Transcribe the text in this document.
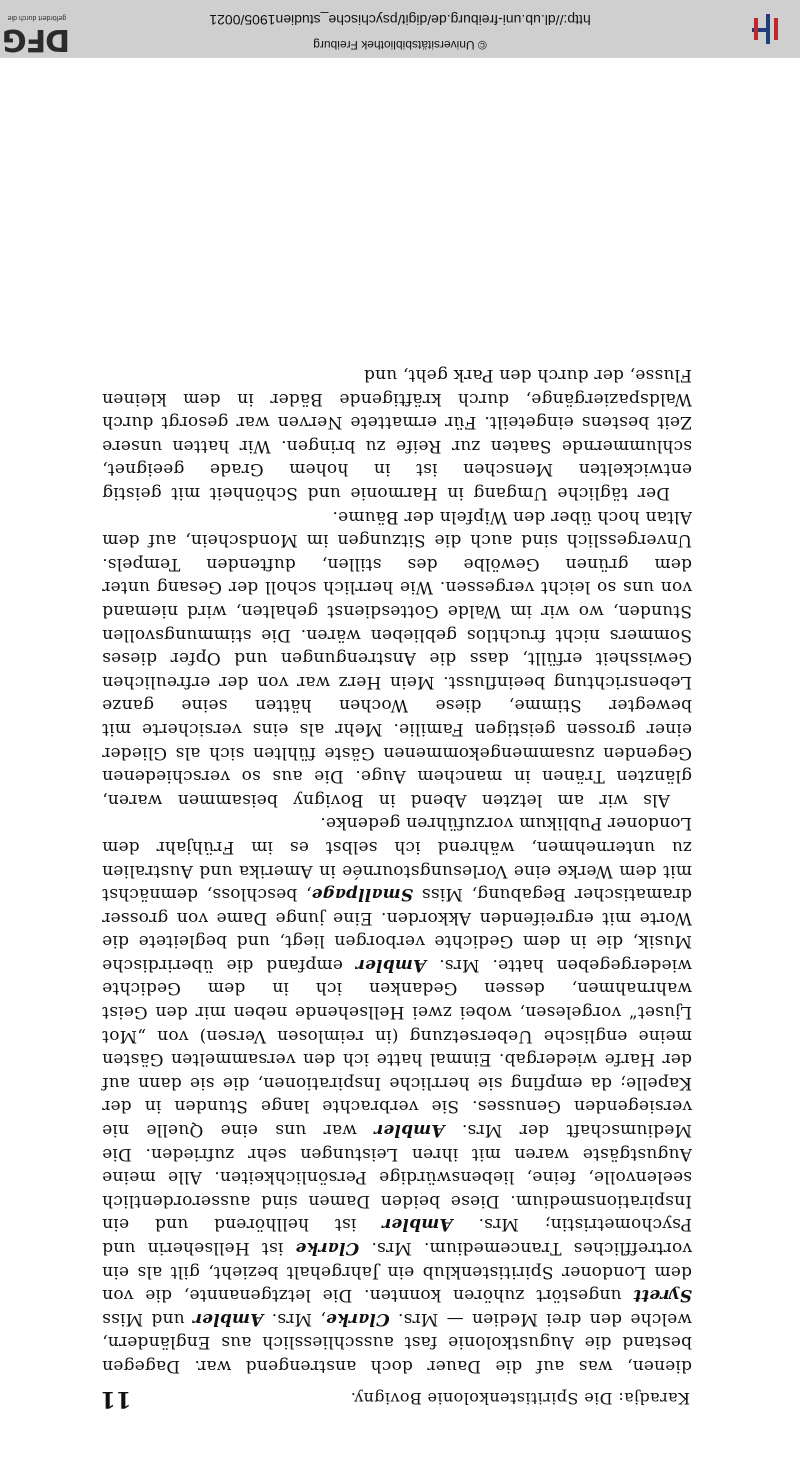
© Universitätsbibliothek Freiburg
http://dl.ub.uni-freiburg.de/digit/psychische_studien1905/0021
DFG
gefördert durch die
Karadja: Die Spiritistenkolonie Bovigny.
11

dienen, was auf die Dauer doch anstrengend war. Dagegen bestand die Augustkolonie fast ausschliesslich aus Engländern, welche den drei Medien — Mrs. Clarke, Mrs. Ambler und Miss Syrett ungestört zuhören konnten. Die letztgenannte, die von dem Londoner Spiritistenklub ein Jahrgehalt bezieht, gilt als ein vortreffliches Trancemedium. Mrs. Clarke ist Hellseherin und Psychometristin; Mrs. Ambler ist hellhörend und ein Inspirationsmedium. Diese beiden Damen sind ausserordentlich seelenvolle, feine, liebenswürdige Persönlichkeiten. Alle meine Augustgäste waren mit ihren Leistungen sehr zufrieden. Die Mediumschaft der Mrs. Ambler war uns eine Quelle nie versiegenden Genusses. Sie verbrachte lange Stunden in der Kapelle; da empfing sie herrliche Inspirationen, die sie dann auf der Harfe wiedergab. Einmal hatte ich den versammelten Gästen meine englische Uebersetzung (in reimlosen Versen) von „Mot Ljuset“ vorgelesen, wobei zwei Hellsehende neben mir den Geist wahrnahmen, dessen Gedanken ich in dem Gedichte wiedergegeben hatte. Mrs. Ambler empfand die überirdische Musik, die in dem Gedichte verborgen liegt, und begleitete die Worte mit ergreifenden Akkorden. Eine junge Dame von grosser dramatischer Begabung, Miss Smallpage, beschloss, demnächst mit dem Werke eine Vorlesungstournée in Amerika und Australien zu unternehmen, während ich selbst es im Frühjahr dem Londoner Publikum vorzuführen gedenke.

Als wir am letzten Abend in Bovigny beisammen waren, glänzten Tränen in manchem Auge. Die aus so verschiedenen Gegenden zusammengekommenen Gäste fühlten sich als Glieder einer grossen geistigen Familie. Mehr als eins versicherte mit bewegter Stimme, diese Wochen hätten seine ganze Lebensrichtung beeinflusst. Mein Herz war von der erfreulichen Gewissheit erfüllt, dass die Anstrengungen und Opfer dieses Sommers nicht fruchtlos geblieben wären. Die stimmungsvollen Stunden, wo wir im Walde Gottesdienst gehalten, wird niemand von uns so leicht vergessen. Wie herrlich scholl der Gesang unter dem grünen Gewölbe des stillen, duftenden Tempels. Unvergesslich sind auch die Sitzungen im Mondschein, auf dem Altan hoch über den Wipfeln der Bäume.

Der tägliche Umgang in Harmonie und Schönheit mit geistig entwickelten Menschen ist in hohem Grade geeignet, schlummernde Saaten zur Reife zu bringen. Wir hatten unsere Zeit bestens eingeteilt. Für ermattete Nerven war gesorgt durch Waldspaziergänge, durch kräftigende Bäder in dem kleinen Flusse, der durch den Park geht, und
